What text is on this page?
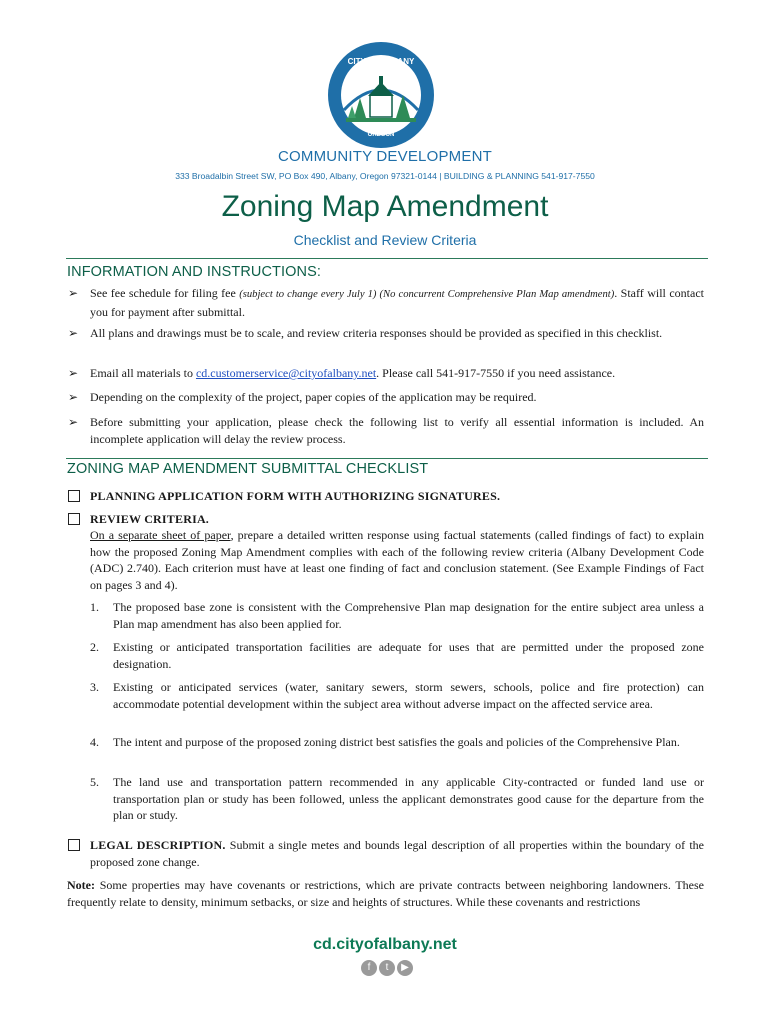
CITY OF ALBANY
OREGON
COMMUNITY DEVELOPMENT
333 Broadalbin Street SW, PO Box 490, Albany, Oregon 97321-0144 | BUILDING & PLANNING 541-917-7550
Zoning Map Amendment
Checklist and Review Criteria
INFORMATION AND INSTRUCTIONS:
➢ See fee schedule for filing fee (subject to change every July 1) (No concurrent Comprehensive Plan Map amendment). Staff will contact you for payment after submittal.
➢ All plans and drawings must be to scale, and review criteria responses should be provided as specified in this checklist.
➢ Email all materials to cd.customerservice@cityofalbany.net. Please call 541-917-7550 if you need assistance.
➢ Depending on the complexity of the project, paper copies of the application may be required.
➢ Before submitting your application, please check the following list to verify all essential information is included. An incomplete application will delay the review process.
ZONING MAP AMENDMENT SUBMITTAL CHECKLIST
PLANNING APPLICATION FORM WITH AUTHORIZING SIGNATURES.
REVIEW CRITERIA.
On a separate sheet of paper, prepare a detailed written response using factual statements (called findings of fact) to explain how the proposed Zoning Map Amendment complies with each of the following review criteria (Albany Development Code (ADC) 2.740). Each criterion must have at least one finding of fact and conclusion statement. (See Example Findings of Fact on pages 3 and 4).
1. The proposed base zone is consistent with the Comprehensive Plan map designation for the entire subject area unless a Plan map amendment has also been applied for.
2. Existing or anticipated transportation facilities are adequate for uses that are permitted under the proposed zone designation.
3. Existing or anticipated services (water, sanitary sewers, storm sewers, schools, police and fire protection) can accommodate potential development within the subject area without adverse impact on the affected service area.
4. The intent and purpose of the proposed zoning district best satisfies the goals and policies of the Comprehensive Plan.
5. The land use and transportation pattern recommended in any applicable City-contracted or funded land use or transportation plan or study has been followed, unless the applicant demonstrates good cause for the departure from the plan or study.
LEGAL DESCRIPTION. Submit a single metes and bounds legal description of all properties within the boundary of the proposed zone change.
Note: Some properties may have covenants or restrictions, which are private contracts between neighboring landowners. These frequently relate to density, minimum setbacks, or size and heights of structures. While these covenants and restrictions
cd.cityofalbany.net
f t ▶
